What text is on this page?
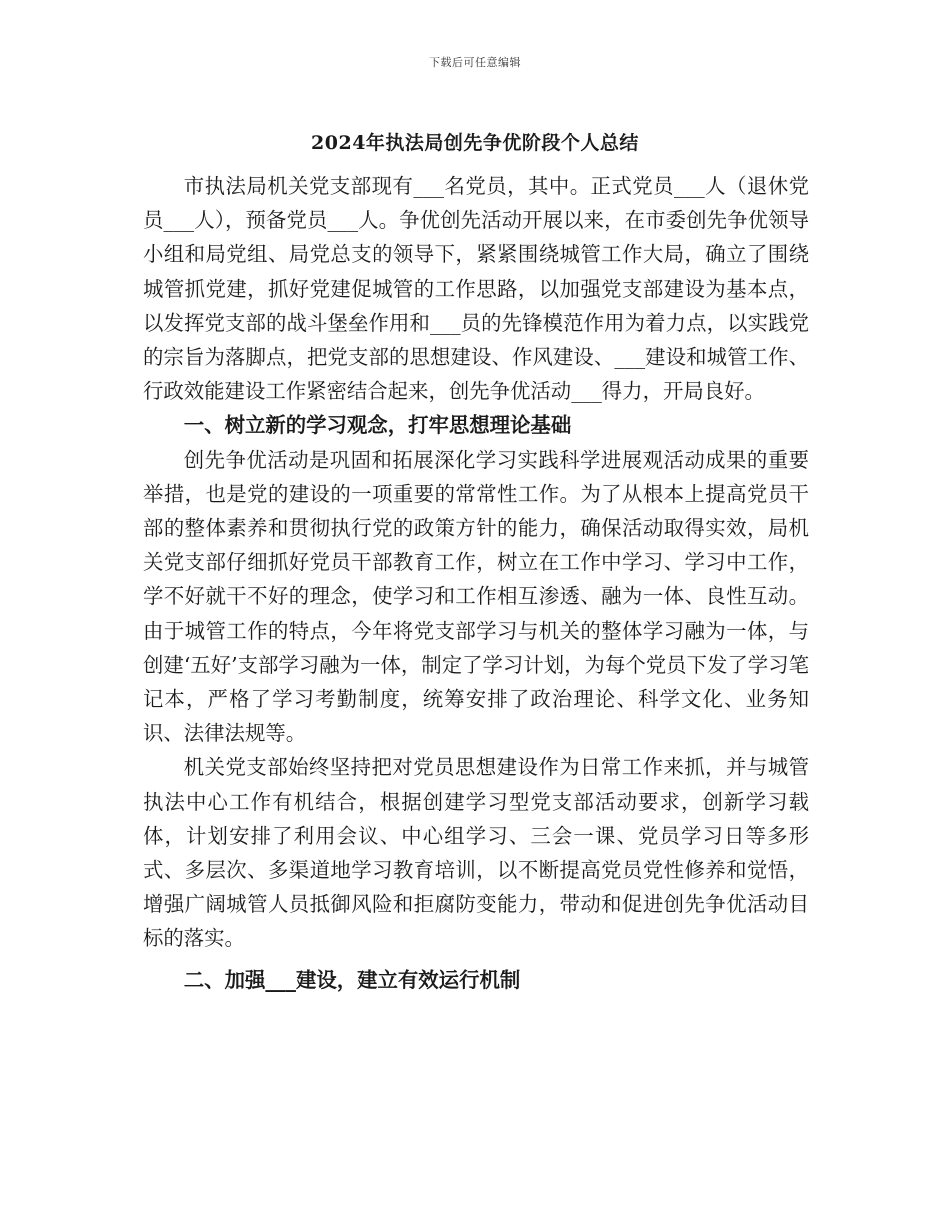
下载后可任意编辑
2024年执法局创先争优阶段个人总结

市执法局机关党支部现有___名党员，其中。正式党员___人（退休党员___人），预备党员___人。争优创先活动开展以来，在市委创先争优领导小组和局党组、局党总支的领导下，紧紧围绕城管工作大局，确立了围绕城管抓党建，抓好党建促城管的工作思路，以加强党支部建设为基本点，以发挥党支部的战斗堡垒作用和___员的先锋模范作用为着力点，以实践党的宗旨为落脚点，把党支部的思想建设、作风建设、___建设和城管工作、行政效能建设工作紧密结合起来，创先争优活动___得力，开局良好。

一、树立新的学习观念，打牢思想理论基础

创先争优活动是巩固和拓展深化学习实践科学进展观活动成果的重要举措，也是党的建设的一项重要的常常性工作。为了从根本上提高党员干部的整体素养和贯彻执行党的政策方针的能力，确保活动取得实效，局机关党支部仔细抓好党员干部教育工作，树立在工作中学习、学习中工作，学不好就干不好的理念，使学习和工作相互渗透、融为一体、良性互动。由于城管工作的特点，今年将党支部学习与机关的整体学习融为一体，与创建‘五好’支部学习融为一体，制定了学习计划，为每个党员下发了学习笔记本，严格了学习考勤制度，统筹安排了政治理论、科学文化、业务知识、法律法规等。

机关党支部始终坚持把对党员思想建设作为日常工作来抓，并与城管执法中心工作有机结合，根据创建学习型党支部活动要求，创新学习载体，计划安排了利用会议、中心组学习、三会一课、党员学习日等多形式、多层次、多渠道地学习教育培训，以不断提高党员党性修养和觉悟，增强广阔城管人员抵御风险和拒腐防变能力，带动和促进创先争优活动目标的落实。

二、加强___建设，建立有效运行机制
